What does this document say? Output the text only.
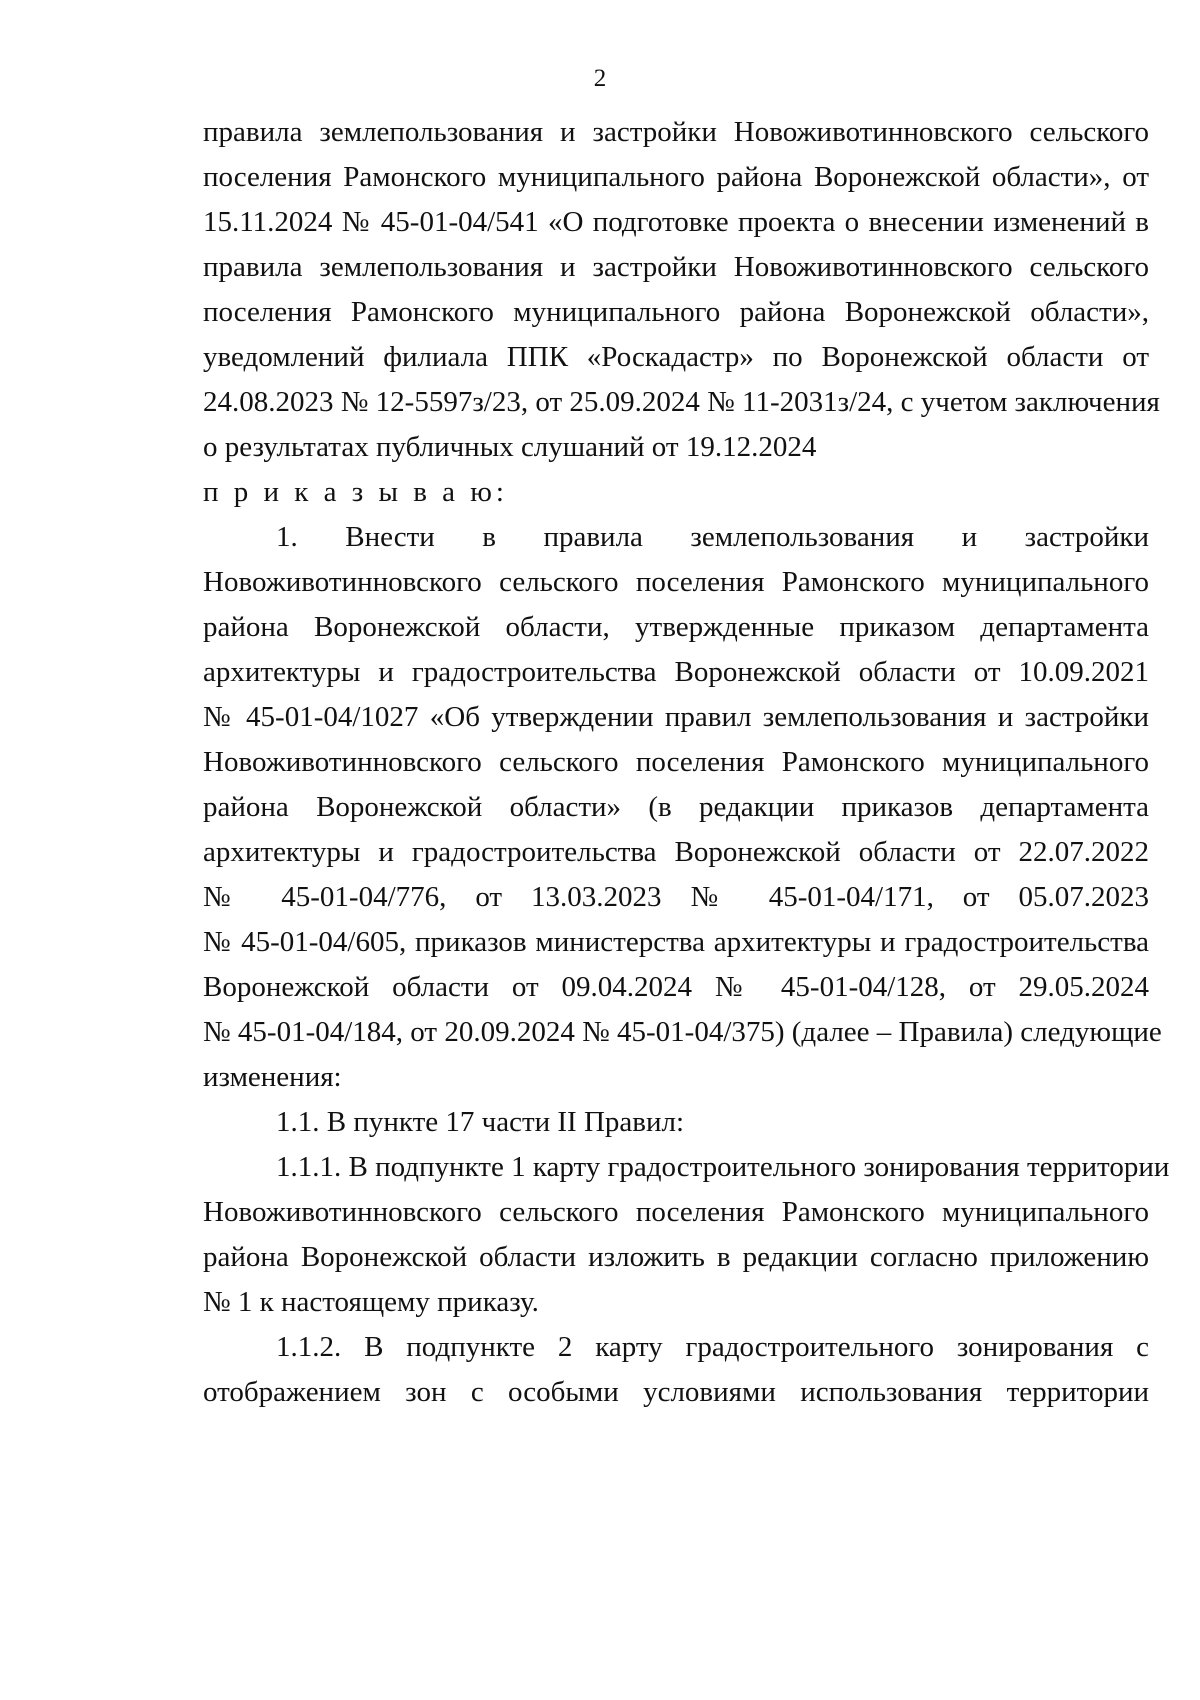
2
правила землепользования и застройки Новоживотинновского сельского
поселения Рамонского муниципального района Воронежской области», от
15.11.2024 № 45-01-04/541 «О подготовке проекта о внесении изменений в
правила землепользования и застройки Новоживотинновского сельского
поселения Рамонского муниципального района Воронежской области»,
уведомлений филиала ППК «Роскадастр» по Воронежской области от
24.08.2023 № 12-5597з/23, от 25.09.2024 № 11-2031з/24, с учетом заключения
о результатах публичных слушаний от 19.12.2024
п р и к а з ы в а ю:
1. Внести в правила землепользования и застройки
Новоживотинновского сельского поселения Рамонского муниципального
района Воронежской области, утвержденные приказом департамента
архитектуры и градостроительства Воронежской области от 10.09.2021
№ 45-01-04/1027 «Об утверждении правил землепользования и застройки
Новоживотинновского сельского поселения Рамонского муниципального
района Воронежской области» (в редакции приказов департамента
архитектуры и градостроительства Воронежской области от 22.07.2022
№ 45-01-04/776, от 13.03.2023 № 45-01-04/171, от 05.07.2023
№ 45-01-04/605, приказов министерства архитектуры и градостроительства
Воронежской области от 09.04.2024 № 45-01-04/128, от 29.05.2024
№ 45-01-04/184, от 20.09.2024 № 45-01-04/375) (далее – Правила) следующие
изменения:
1.1. В пункте 17 части II Правил:
1.1.1. В подпункте 1 карту градостроительного зонирования территории
Новоживотинновского сельского поселения Рамонского муниципального
района Воронежской области изложить в редакции согласно приложению
№ 1 к настоящему приказу.
1.1.2. В подпункте 2 карту градостроительного зонирования с
отображением зон с особыми условиями использования территории
